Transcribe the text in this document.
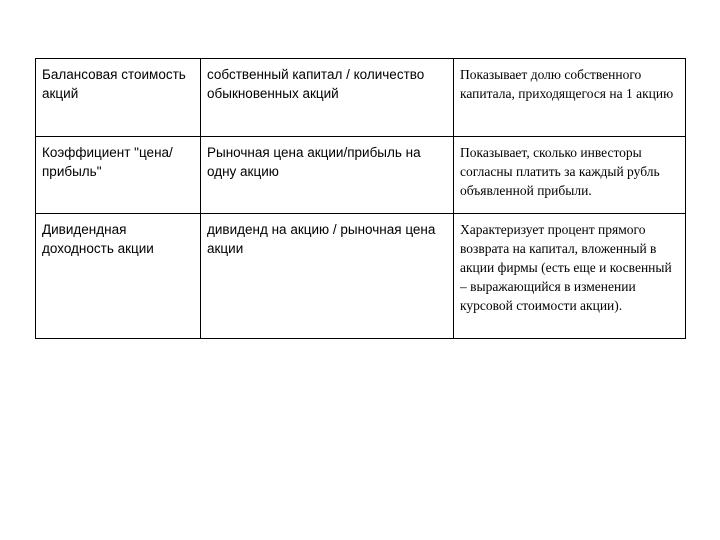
Балансовая стоимость акций	собственный капитал / количество обыкновенных акций	Показывает долю собственного капитала, приходящегося на 1 акцию
Коэффициент "цена/прибыль"	Рыночная цена акции/прибыль на одну акцию	Показывает, сколько инвесторы согласны платить за каждый рубль объявленной прибыли.
Дивидендная доходность акции	дивиденд на акцию / рыночная цена акции	Характеризует процент прямого возврата на капитал, вложенный в акции фирмы (есть еще и косвенный – выражающийся в изменении курсовой стоимости акции).
